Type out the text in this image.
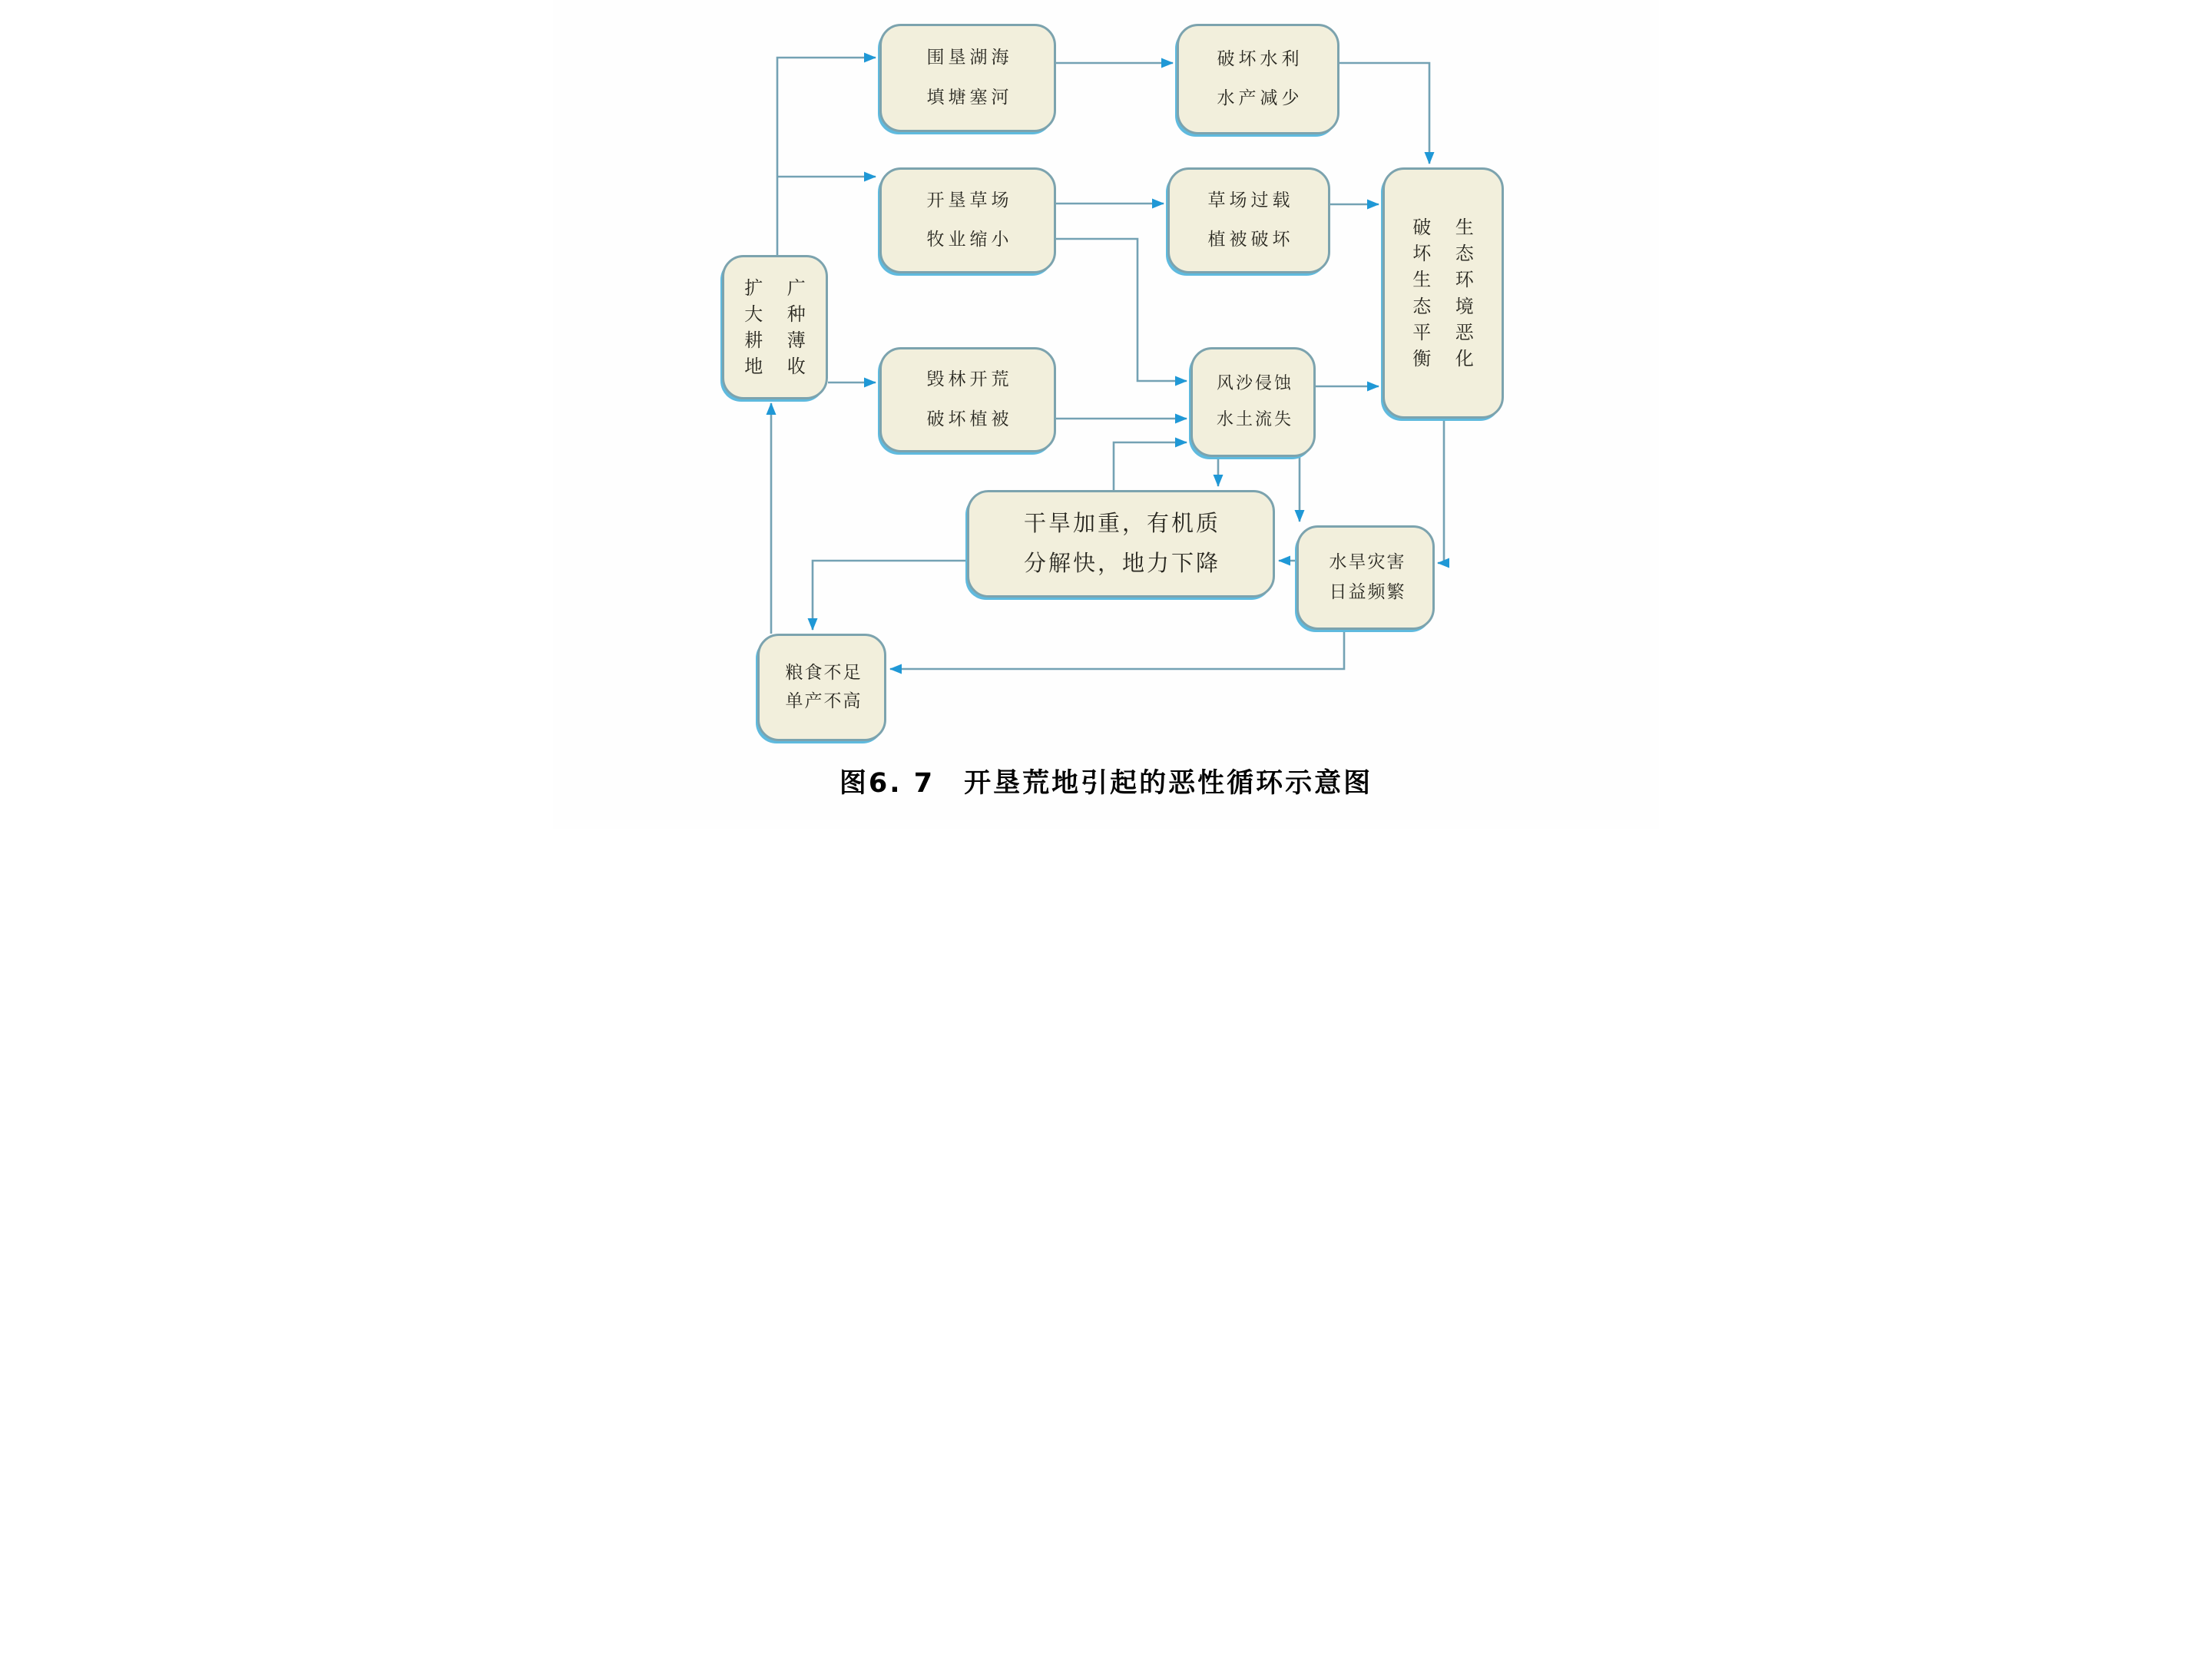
扩大耕地
广种薄收
围垦湖海
填塘塞河
破坏水利
水产减少
开垦草场
牧业缩小
草场过载
植被破坏
破坏生态平衡
生态环境恶化
毁林开荒
破坏植被
风沙侵蚀
水土流失
干旱加重，有机质
分解快，地力下降	水旱灾害
日益频繁
粮食不足
单产不高
图6. 7　开垦荒地引起的恶性循环示意图
